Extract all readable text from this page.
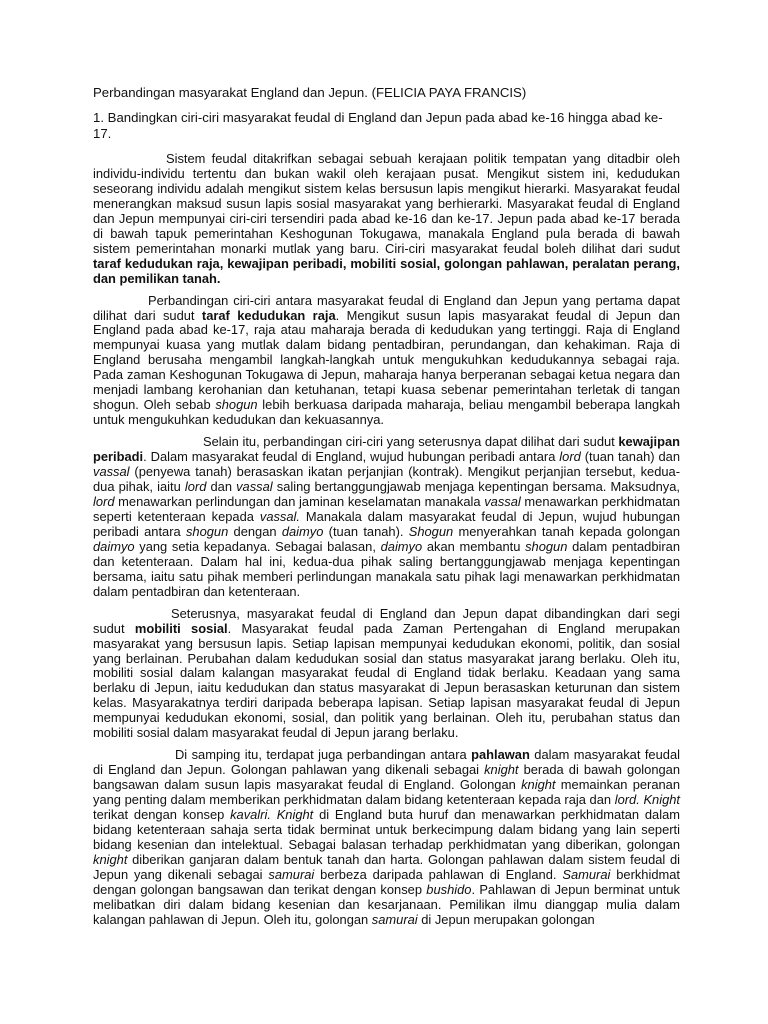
Perbandingan masyarakat England dan Jepun. (FELICIA PAYA FRANCIS)

1. Bandingkan ciri-ciri masyarakat feudal di England dan Jepun pada abad ke-16 hingga abad ke-17.

Sistem feudal ditakrifkan sebagai sebuah kerajaan politik tempatan yang ditadbir oleh individu-individu tertentu dan bukan wakil oleh kerajaan pusat. Mengikut sistem ini, kedudukan seseorang individu adalah mengikut sistem kelas bersusun lapis mengikut hierarki. Masyarakat feudal menerangkan maksud susun lapis sosial masyarakat yang berhierarki. Masyarakat feudal di England dan Jepun mempunyai ciri-ciri tersendiri pada abad ke-16 dan ke-17. Jepun pada abad ke-17 berada di bawah tapuk pemerintahan Keshogunan Tokugawa, manakala England pula berada di bawah sistem pemerintahan monarki mutlak yang baru. Ciri-ciri masyarakat feudal boleh dilihat dari sudut taraf kedudukan raja, kewajipan peribadi, mobiliti sosial, golongan pahlawan, peralatan perang, dan pemilikan tanah.

Perbandingan ciri-ciri antara masyarakat feudal di England dan Jepun yang pertama dapat dilihat dari sudut taraf kedudukan raja. Mengikut susun lapis masyarakat feudal di Jepun dan England pada abad ke-17, raja atau maharaja berada di kedudukan yang tertinggi. Raja di England mempunyai kuasa yang mutlak dalam bidang pentadbiran, perundangan, dan kehakiman. Raja di England berusaha mengambil langkah-langkah untuk mengukuhkan kedudukannya sebagai raja. Pada zaman Keshogunan Tokugawa di Jepun, maharaja hanya berperanan sebagai ketua negara dan menjadi lambang kerohanian dan ketuhanan, tetapi kuasa sebenar pemerintahan terletak di tangan shogun. Oleh sebab shogun lebih berkuasa daripada maharaja, beliau mengambil beberapa langkah untuk mengukuhkan kedudukan dan kekuasannya.

Selain itu, perbandingan ciri-ciri yang seterusnya dapat dilihat dari sudut kewajipan peribadi. Dalam masyarakat feudal di England, wujud hubungan peribadi antara lord (tuan tanah) dan vassal (penyewa tanah) berasaskan ikatan perjanjian (kontrak). Mengikut perjanjian tersebut, kedua-dua pihak, iaitu lord dan vassal saling bertanggungjawab menjaga kepentingan bersama. Maksudnya, lord menawarkan perlindungan dan jaminan keselamatan manakala vassal menawarkan perkhidmatan seperti ketenteraan kepada vassal. Manakala dalam masyarakat feudal di Jepun, wujud hubungan peribadi antara shogun dengan daimyo (tuan tanah). Shogun menyerahkan tanah kepada golongan daimyo yang setia kepadanya. Sebagai balasan, daimyo akan membantu shogun dalam pentadbiran dan ketenteraan. Dalam hal ini, kedua-dua pihak saling bertanggungjawab menjaga kepentingan bersama, iaitu satu pihak memberi perlindungan manakala satu pihak lagi menawarkan perkhidmatan dalam pentadbiran dan ketenteraan.

Seterusnya, masyarakat feudal di England dan Jepun dapat dibandingkan dari segi sudut mobiliti sosial. Masyarakat feudal pada Zaman Pertengahan di England merupakan masyarakat yang bersusun lapis. Setiap lapisan mempunyai kedudukan ekonomi, politik, dan sosial yang berlainan. Perubahan dalam kedudukan sosial dan status masyarakat jarang berlaku. Oleh itu, mobiliti sosial dalam kalangan masyarakat feudal di England tidak berlaku. Keadaan yang sama berlaku di Jepun, iaitu kedudukan dan status masyarakat di Jepun berasaskan keturunan dan sistem kelas. Masyarakatnya terdiri daripada beberapa lapisan. Setiap lapisan masyarakat feudal di Jepun mempunyai kedudukan ekonomi, sosial, dan politik yang berlainan. Oleh itu, perubahan status dan mobiliti sosial dalam masyarakat feudal di Jepun jarang berlaku.

Di samping itu, terdapat juga perbandingan antara pahlawan dalam masyarakat feudal di England dan Jepun. Golongan pahlawan yang dikenali sebagai knight berada di bawah golongan bangsawan dalam susun lapis masyarakat feudal di England. Golongan knight memainkan peranan yang penting dalam memberikan perkhidmatan dalam bidang ketenteraan kepada raja dan lord. Knight terikat dengan konsep kavalri. Knight di England buta huruf dan menawarkan perkhidmatan dalam bidang ketenteraan sahaja serta tidak berminat untuk berkecimpung dalam bidang yang lain seperti bidang kesenian dan intelektual. Sebagai balasan terhadap perkhidmatan yang diberikan, golongan knight diberikan ganjaran dalam bentuk tanah dan harta. Golongan pahlawan dalam sistem feudal di Jepun yang dikenali sebagai samurai berbeza daripada pahlawan di England. Samurai berkhidmat dengan golongan bangsawan dan terikat dengan konsep bushido. Pahlawan di Jepun berminat untuk melibatkan diri dalam bidang kesenian dan kesarjanaan. Pemilikan ilmu dianggap mulia dalam kalangan pahlawan di Jepun. Oleh itu, golongan samurai di Jepun merupakan golongan
